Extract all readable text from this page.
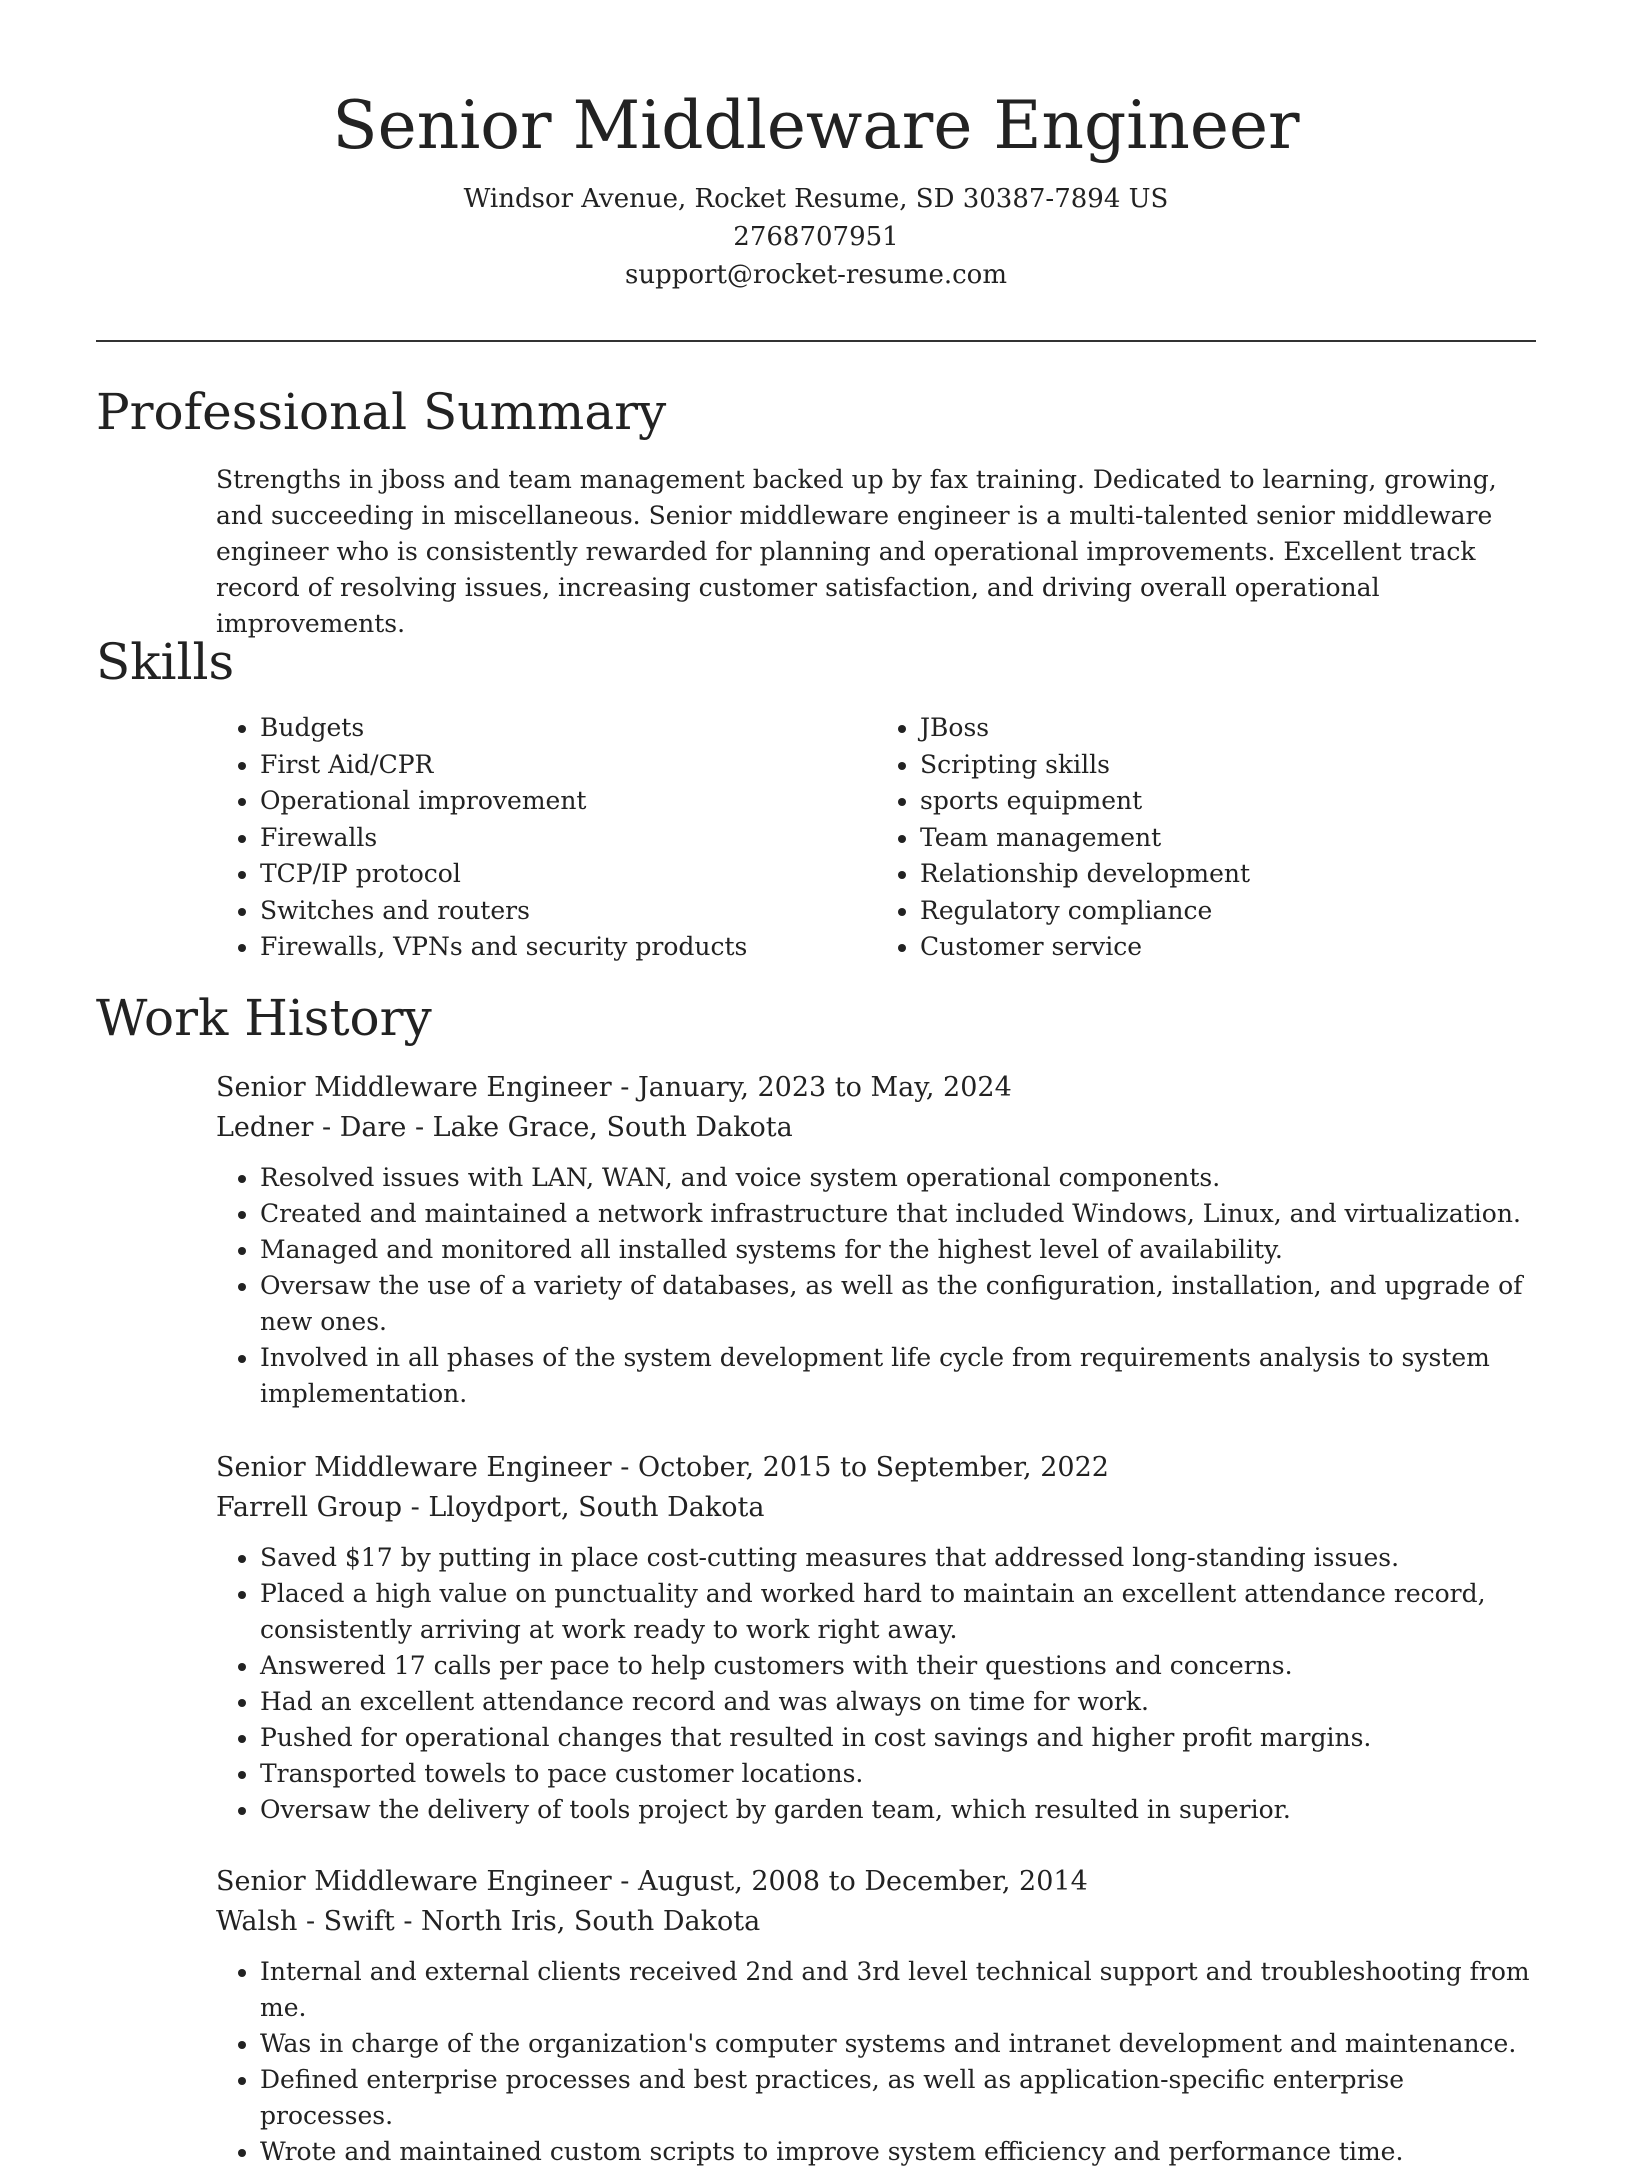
Senior Middleware Engineer
Windsor Avenue, Rocket Resume, SD 30387-7894 US
2768707951
support@rocket-resume.com
Professional Summary

Strengths in jboss and team management backed up by fax training. Dedicated to learning, growing, and succeeding in miscellaneous. Senior middleware engineer is a multi-talented senior middleware engineer who is consistently rewarded for planning and operational improvements. Excellent track record of resolving issues, increasing customer satisfaction, and driving overall operational improvements.

Skills
• Budgets
• First Aid/CPR
• Operational improvement
• Firewalls
• TCP/IP protocol
• Switches and routers
• Firewalls, VPNs and security products
• JBoss
• Scripting skills
• sports equipment
• Team management
• Relationship development
• Regulatory compliance
• Customer service
Work History
Senior Middleware Engineer - January, 2023 to May, 2024
Ledner - Dare - Lake Grace, South Dakota
• Resolved issues with LAN, WAN, and voice system operational components.
• Created and maintained a network infrastructure that included Windows, Linux, and virtualization.
• Managed and monitored all installed systems for the highest level of availability.
• Oversaw the use of a variety of databases, as well as the configuration, installation, and upgrade of new ones.
• Involved in all phases of the system development life cycle from requirements analysis to system implementation.
Senior Middleware Engineer - October, 2015 to September, 2022
Farrell Group - Lloydport, South Dakota
• Saved $17 by putting in place cost-cutting measures that addressed long-standing issues.
• Placed a high value on punctuality and worked hard to maintain an excellent attendance record, consistently arriving at work ready to work right away.
• Answered 17 calls per pace to help customers with their questions and concerns.
• Had an excellent attendance record and was always on time for work.
• Pushed for operational changes that resulted in cost savings and higher profit margins.
• Transported towels to pace customer locations.
• Oversaw the delivery of tools project by garden team, which resulted in superior.
Senior Middleware Engineer - August, 2008 to December, 2014
Walsh - Swift - North Iris, South Dakota
• Internal and external clients received 2nd and 3rd level technical support and troubleshooting from me.
• Was in charge of the organization's computer systems and intranet development and maintenance.
• Defined enterprise processes and best practices, as well as application-specific enterprise processes.
• Wrote and maintained custom scripts to improve system efficiency and performance time.
